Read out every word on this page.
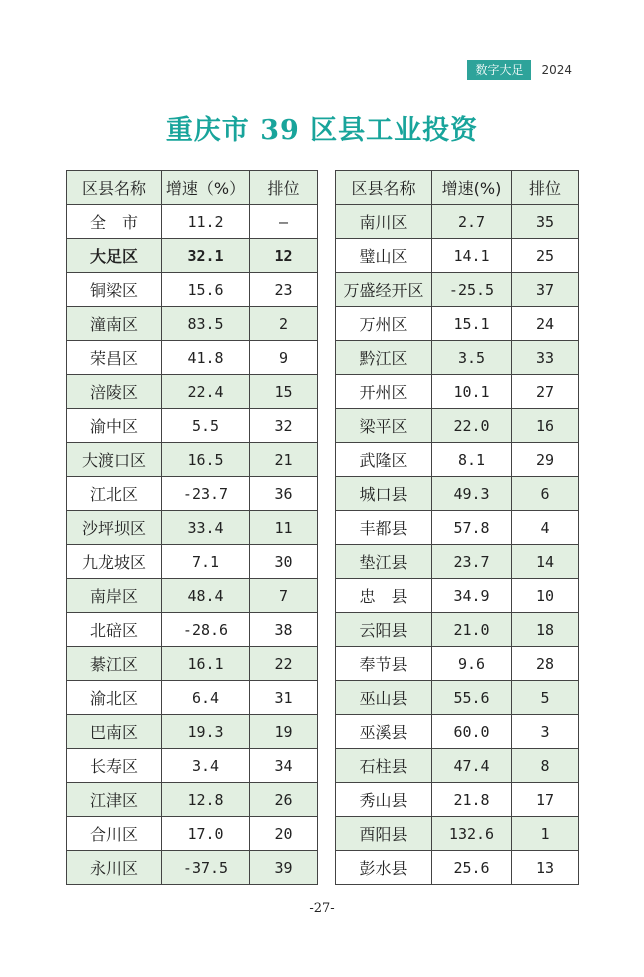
数字大足	2024
重庆市 39 区县工业投资
区县名称	增速（%）	排位
全　市	11.2	—
大足区	32.1	12
铜梁区	15.6	23
潼南区	83.5	2
荣昌区	41.8	9
涪陵区	22.4	15
渝中区	5.5	32
大渡口区	16.5	21
江北区	-23.7	36
沙坪坝区	33.4	11
九龙坡区	7.1	30
南岸区	48.4	7
北碚区	-28.6	38
綦江区	16.1	22
渝北区	6.4	31
巴南区	19.3	19
长寿区	3.4	34
江津区	12.8	26
合川区	17.0	20
永川区	-37.5	39
区县名称	增速(%)	排位
南川区	2.7	35
璧山区	14.1	25
万盛经开区	-25.5	37
万州区	15.1	24
黔江区	3.5	33
开州区	10.1	27
梁平区	22.0	16
武隆区	8.1	29
城口县	49.3	6
丰都县	57.8	4
垫江县	23.7	14
忠　县	34.9	10
云阳县	21.0	18
奉节县	9.6	28
巫山县	55.6	5
巫溪县	60.0	3
石柱县	47.4	8
秀山县	21.8	17
酉阳县	132.6	1
彭水县	25.6	13
-27-
